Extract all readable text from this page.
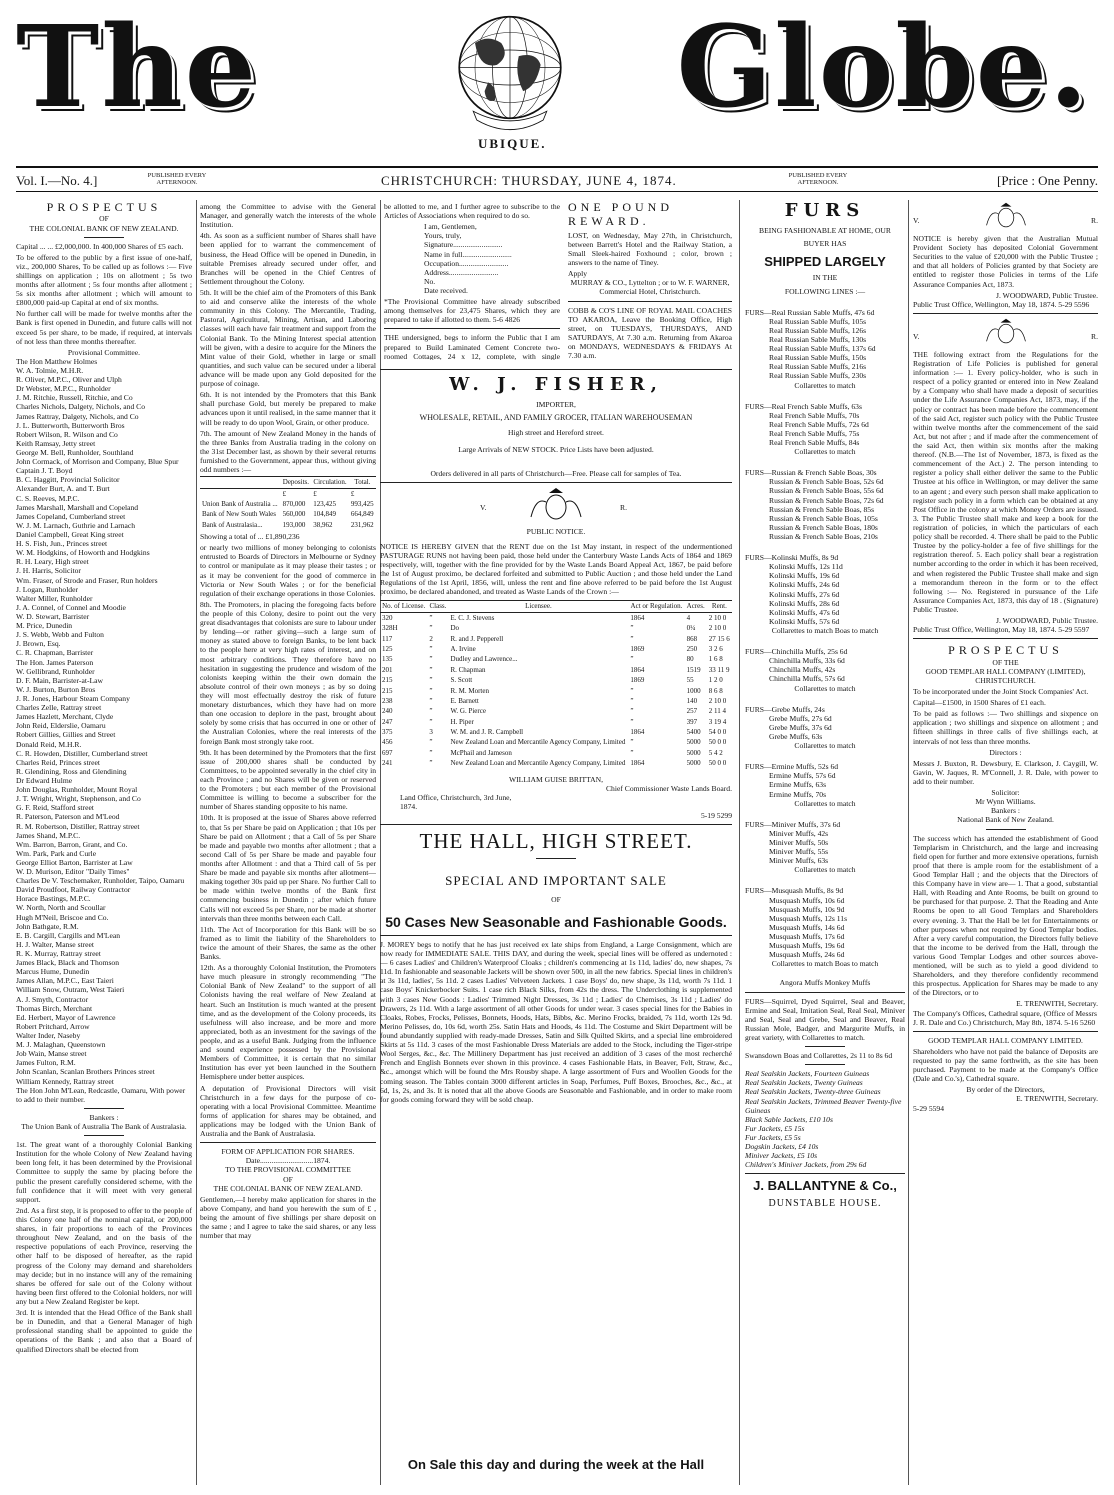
The
UBIQUE.
Globe.
Vol. I.—No. 4.]	PUBLISHED EVERY AFTERNOON.	CHRISTCHURCH: THURSDAY, JUNE 4, 1874.	PUBLISHED EVERY AFTERNOON.	[Price : One Penny.
PROSPECTUS
OF
THE COLONIAL BANK OF NEW ZEALAND.

Capital ... ... £2,000,000. In 400,000 Shares of £5 each.

To be offered to the public by a first issue of one-half, viz., 200,000 Shares, To be called up as follows :— Five shillings on application ; 10s on allotment ; 5s two months after allotment ; 5s four months after allotment ; 5s six months after allotment ; which will amount to £800,000 paid-up Capital at end of six months.

No further call will be made for twelve months after the Bank is first opened in Dunedin, and future calls will not exceed 5s per share, to be made, if required, at intervals of not less than three months thereafter.

Provisional Committee.
The Hon Matthew Holmes
W. A. Tolmie, M.H.R.
R. Oliver, M.P.C., Oliver and Ulph
Dr Webster, M.P.C., Runholder
J. M. Ritchie, Russell, Ritchie, and Co
Charles Nichols, Dalgety, Nichols, and Co
James Rattray, Dalgety, Nichols, and Co
J. L. Butterworth, Butterworth Bros
Robert Wilson, R. Wilson and Co
Keith Ramsay, Jetty street
George M. Bell, Runholder, Southland
John Cormack, of Morrison and Company, Blue Spur
Captain J. T. Boyd
B. C. Haggitt, Provincial Solicitor
Alexander Burt, A. and T. Burt
C. S. Reeves, M.P.C.
James Marshall, Marshall and Copeland
James Copeland, Cumberland street
W. J. M. Larnach, Guthrie and Larnach
Daniel Campbell, Great King street
H. S. Fish, Jun., Princes street
W. M. Hodgkins, of Howorth and Hodgkins
R. H. Leary, High street
J. H. Harris, Solicitor
Wm. Fraser, of Strode and Fraser, Run holders
J. Logan, Runholder
Walter Miller, Runholder
J. A. Connel, of Connel and Moodie
W. D. Stewart, Barrister
M. Price, Dunedin
J. S. Webb, Webb and Fulton
J. Brown, Esq.
C. R. Chapman, Barrister
The Hon. James Paterson
W. Gellibrand, Runholder
D. F. Main, Barrister-at-Law
W. J. Burton, Burton Bros
J. R. Jones, Harbour Steam Company
Charles Zelle, Rattray street
James Hazlett, Merchant, Clyde
John Reid, Elderslie, Oamaru
Robert Gillies, Gillies and Street
Donald Reid, M.H.R.
C. R. Howden, Distiller, Cumberland street
Charles Reid, Princes street
R. Glendining, Ross and Glendining
Dr Edward Hulme
John Douglas, Runholder, Mount Royal
J. T. Wright, Wright, Stephenson, and Co
G. F. Reid, Stafford street
R. Paterson, Paterson and M'Leod
R. M. Robertson, Distiller, Rattray street
James Shand, M.P.C.
Wm. Barron, Barron, Grant, and Co.
Wm. Park, Park and Curle
George Elliot Barton, Barrister at Law
W. D. Murison, Editor "Daily Times"
Charles De V. Teschemaker, Runholder, Taipo, Oamaru
David Proudfoot, Railway Contractor
Horace Bastings, M.P.C.
W. North, North and Scoullar
Hugh M'Neil, Briscoe and Co.
John Bathgate, R.M.
E. B. Cargill, Cargills and M'Lean
H. J. Walter, Manse street
R. K. Murray, Rattray street
James Black, Black and Thomson
Marcus Hume, Dunedin
James Allan, M.P.C., East Taieri
William Snow, Outram, West Taieri
A. J. Smyth, Contractor
Thomas Birch, Merchant
Ed. Herbert, Mayor of Lawrence
Robert Pritchard, Arrow
Walter Inder, Naseby
M. J. Malaghan, Queenstown
Job Wain, Manse street
James Fulton, R.M.
John Scanlan, Scanlan Brothers Princes street
William Kennedy, Rattray street
The Hon John M'Lean, Redcastle, Oamaru, With power to add to their number.
Bankers :
The Union Bank of Australia The Bank of Australasia.

1st. The great want of a thoroughly Colonial Banking Institution for the whole Colony of New Zealand having been long felt, it has been determined by the Provisional Committee to supply the same by placing before the public the present carefully considered scheme, with the full confidence that it will meet with very general support.

2nd. As a first step, it is proposed to offer to the people of this Colony one half of the nominal capital, or 200,000 shares, in fair proportions to each of the Provinces throughout New Zealand, and on the basis of the respective populations of each Province, reserving the other half to be disposed of hereafter, as the rapid progress of the Colony may demand and shareholders may decide; but in no instance will any of the remaining shares be offered for sale out of the Colony without having been first offered to the Colonial holders, nor will any but a New Zealand Register be kept.

3rd. It is intended that the Head Office of the Bank shall be in Dunedin, and that a General Manager of high professional standing shall be appointed to guide the operations of the Bank ; and also that a Board of qualified Directors shall be elected from

among the Committee to advise with the General Manager, and generally watch the interests of the whole Institution.

4th. As soon as a sufficient number of Shares shall have been applied for to warrant the commencement of business, the Head Office will be opened in Dunedin, in suitable Premises already secured under offer, and Branches will be opened in the Chief Centres of Settlement throughout the Colony.

5th. It will be the chief aim of the Promoters of this Bank to aid and conserve alike the interests of the whole community in this Colony. The Mercantile, Trading, Pastoral, Agricultural, Mining, Artisan, and Laboring classes will each have fair treatment and support from the Colonial Bank. To the Mining Interest special attention will be given, with a desire to acquire for the Miners the Mint value of their Gold, whether in large or small quantities, and such value can be secured under a liberal advance will be made upon any Gold deposited for the purpose of coinage.

6th. It is not intended by the Promoters that this Bank shall purchase Gold, but merely be prepared to make advances upon it until realised, in the same manner that it will be ready to do upon Wool, Grain, or other produce.

7th. The amount of New Zealand Money in the hands of the three Banks from Australia trading in the colony on the 31st December last, as shown by their several returns furnished to the Government, appear thus, without giving odd numbers :—

	Deposits.	Circulation.	Total.
	£	£	£
Union Bank of Australia ...	870,000	123,425	993,425
Bank of New South Wales	560,000	104,849	664,849
Bank of Australasia...	193,000	38,962	231,962

Showing a total of ... £1,890,236

or nearly two millions of money belonging to colonists entrusted to Boards of Directors in Melbourne or Sydney to control or manipulate as it may please their tastes ; or as it may be convenient for the good of commerce in Victoria or New South Wales ; or for the beneficial regulation of their exchange operations in those Colonies.

8th. The Promoters, in placing the foregoing facts before the people of this Colony, desire to point out the very great disadvantages that colonists are sure to labour under by lending—or rather giving—such a large sum of money as stated above to foreign Banks, to be lent back to the people here at very high rates of interest, and on most arbitrary conditions. They therefore have no hesitation in suggesting the prudence and wisdom of the colonists keeping within the their own domain the absolute control of their own moneys ; as by so doing they will most effectually destroy the risk of future monetary disturbances, which they have had on more than one occasion to deplore in the past, brought about solely by some crisis that has occurred in one or other of the Australian Colonies, where the real interests of the foreign Bank most strongly take root.

9th. It has been determined by the Promoters that the first issue of 200,000 shares shall be conducted by Committees, to be appointed severally in the chief city in each Province ; and no Shares will be given or reserved to the Promoters ; but each member of the Provisional Committee is willing to become a subscriber for the number of Shares standing opposite to his name.

10th. It is proposed at the issue of Shares above referred to, that 5s per Share be paid on Application ; that 10s per Share be paid on Allotment ; that a Call of 5s per Share be made and payable two months after allotment ; that a second Call of 5s per Share be made and payable four months after Allotment : and that a Third call of 5s per Share be made and payable six months after allotment—making together 30s paid up per Share. No further Call to be made within twelve months of the Bank first commencing business in Dunedin ; after which future Calls will not exceed 5s per Share, nor be made at shorter intervals than three months between each Call.

11th. The Act of Incorporation for this Bank will be so framed as to limit the liability of the Shareholders to twice the amount of their Shares, the same as the other Banks.

12th. As a thoroughly Colonial Institution, the Promoters have much pleasure in strongly recommending "The Colonial Bank of New Zealand" to the support of all Colonists having the real welfare of New Zealand at heart. Such an Institution is much wanted at the present time, and as the development of the Colony proceeds, its usefulness will also increase, and be more and more appreciated, both as an investment for the savings of the people, and as a useful Bank. Judging from the influence and sound experience possessed by the Provisional Members of Committee, it is certain that no similar Institution has ever yet been launched in the Southern Hemisphere under better auspices.

A deputation of Provisional Directors will visit Christchurch in a few days for the purpose of co-operating with a local Provisional Committee. Meantime forms of application for shares may be obtained, and applications may be lodged with the Union Bank of Australia and the Bank of Australasia.

FORM OF APPLICATION FOR SHARES.
Date............................1874.
TO THE PROVISIONAL COMMITTEE
OF
THE COLONIAL BANK OF NEW ZEALAND.

Gentlemen,—I hereby make application for shares in the above Company, and hand you herewith the sum of £ , being the amount of five shillings per share deposit on the same ; and I agree to take the said shares, or any less number that may

be allotted to me, and I further agree to subscribe to the Articles of Associations when required to do so.

I am, Gentlemen,
Yours, truly,
Signature..........................
Name in full..........................
Occupation..........................
Address..........................
No.
Date received.

*The Provisional Committee have already subscribed among themselves for 23,475 Shares, which they are prepared to take if allotted to them. 5-6 4826

THE undersigned, begs to inform the Public that I am prepared to Build Laminated Cement Concrete two-roomed Cottages, 24 x 12, complete, with single

ONE POUND REWARD.

LOST, on Wednesday, May 27th, in Christchurch, between Barrett's Hotel and the Railway Station, a Small Sleek-haired Foxhound ; color, brown ; answers to the name of Tiney.

Apply
MURRAY & CO., Lyttelton ; or to W. F. WARNER, Commercial Hotel, Christchurch.

COBB & CO'S LINE OF ROYAL MAIL COACHES TO AKAROA, Leave the Booking Office, High street, on TUESDAYS, THURSDAYS, AND SATURDAYS, At 7.30 a.m. Returning from Akaroa on MONDAYS, WEDNESDAYS & FRIDAYS At 7.30 a.m.

W. J. FISHER,
IMPORTER,
WHOLESALE, RETAIL, AND FAMILY GROCER, ITALIAN WAREHOUSEMAN
High street and Hereford street.
Large Arrivals of NEW STOCK. Price Lists have been adjusted.
Orders delivered in all parts of Christchurch—Free. Please call for samples of Tea.
V.	R.
PUBLIC NOTICE.

NOTICE IS HEREBY GIVEN that the RENT due on the 1st May instant, in respect of the undermentioned PASTURAGE RUNS not having been paid, those held under the Canterbury Waste Lands Acts of 1864 and 1869 respectively, will, together with the fine provided for by the Waste Lands Board Appeal Act, 1867, be paid before the 1st of August proximo, be declared forfeited and submitted to Public Auction ; and those held under the Land Regulations of the 1st April, 1856, will, unless the rent and fine above referred to be paid before the 1st August proximo, be declared abandoned, and treated as Waste Lands of the Crown :—

No. of License.	Class.	Licensee.	Act or Regulation.	Acres.	Rent.
320	”	E. C. J. Stevens	1864	4	2 10 0
328H	”	Do	”	0¼	2 10 0
117	2	R. and J. Pepperell	”	868	27 15 6
125	”	A. Irvine	1869	250	3 2 6
135	”	Dudley and Lawrence...	”	80	1 6 8
201	”	R. Chapman	1864	1519	33 11 9
215	”	S. Scott	1869	55	1 2 0
215	”	R. M. Morten	”	1000	8 6 8
238	”	E. Barnett	”	140	2 10 0
240	”	W. G. Pierce	”	257	2 11 4
247	”	H. Piper	”	397	3 19 4
375	3	W. M. and J. R. Campbell	1864	5400	54 0 0
456	”	New Zealand Loan and Mercantile Agency Company, Limited	”	5000	50 0 0
697	”	McPhail and Jameson	”	5000	5 4 2
241	”	New Zealand Loan and Mercantile Agency Company, Limited	1864	5000	50 0 0
WILLIAM GUISE BRITTAN,
Chief Commissioner Waste Lands Board.
Land Office, Christchurch, 3rd June, 1874.
5-19 5299
THE HALL, HIGH STREET.
SPECIAL AND IMPORTANT SALE
OF
50 Cases New Seasonable and Fashionable Goods.

J. MOREY begs to notify that he has just received ex late ships from England, a Large Consignment, which are now ready for IMMEDIATE SALE. THIS DAY, and during the week, special lines will be offered as undernoted :— 6 cases Ladies' and Children's Waterproof Cloaks ; children's commencing at 1s 11d, ladies' do, new shapes, 7s 11d. In fashionable and seasonable Jackets will be shown over 500, in all the new fabrics. Special lines in children's at 3s 11d, ladies', 5s 11d. 2 cases Ladies' Velveteen Jackets. 1 case Boys' do, new shape, 3s 11d, worth 7s 11d. 1 case Boys' Knickerbocker Suits. 1 case rich Black Silks, from 42s the dress. The Underclothing is supplemented with 3 cases New Goods : Ladies' Trimmed Night Dresses, 3s 11d ; Ladies' do Chemises, 3s 11d ; Ladies' do Drawers, 2s 11d. With a large assortment of all other Goods for under wear. 3 cases special lines for the Babies in Cloaks, Robes, Frocks, Pelisses, Bonnets, Hoods, Hats, Bibbs, &c. Merino Frocks, braided, 7s 11d, worth 12s 9d. Merino Pelisses, do, 10s 6d, worth 25s. Satin Hats and Hoods, 4s 11d. The Costume and Skirt Department will be found abundantly supplied with ready-made Dresses, Satin and Silk Quilted Skirts, and a special line embroidered Skirts at 5s 11d. 3 cases of the most Fashionable Dress Materials are added to the Stock, including the Tiger-stripe Wool Serges, &c., &c. The Millinery Department has just received an addition of 3 cases of the most recherché French and English Bonnets ever shown in this province. 4 cases Fashionable Hats, in Beaver, Felt, Straw, &c., &c., amongst which will be found the Mrs Rousby shape. A large assortment of Furs and Woollen Goods for the coming season. The Tables contain 3000 different articles in Soap, Perfumes, Puff Boxes, Brooches, &c., &c., at 6d, 1s, 2s, and 3s. It is noted that all the above Goods are Seasonable and Fashionable, and in order to make room for goods coming forward they will be sold cheap.

On Sale this day and during the week at the Hall
FURS
BEING FASHIONABLE AT HOME, OUR
BUYER HAS
SHIPPED LARGELY
IN THE
FOLLOWING LINES :—
FURS—Real Russian Sable Muffs, 47s 6d
Real Russian Sable Muffs, 105s
Real Russian Sable Muffs, 126s
Real Russian Sable Muffs, 130s
Real Russian Sable Muffs, 137s 6d
Real Russian Sable Muffs, 150s
Real Russian Sable Muffs, 216s
Real Russian Sable Muffs, 230s
Collarettes to match
FURS—Real French Sable Muffs, 63s
Real French Sable Muffs, 70s
Real French Sable Muffs, 72s 6d
Real French Sable Muffs, 75s
Real French Sable Muffs, 84s
Collarettes to match
FURS—Russian & French Sable Boas, 30s
Russian & French Sable Boas, 52s 6d
Russian & French Sable Boas, 55s 6d
Russian & French Sable Boas, 72s 6d
Russian & French Sable Boas, 85s
Russian & French Sable Boas, 105s
Russian & French Sable Boas, 180s
Russian & French Sable Boas, 210s
FURS—Kolinski Muffs, 8s 9d
Kolinski Muffs, 12s 11d
Kolinski Muffs, 19s 6d
Kolinski Muffs, 24s 6d
Kolinski Muffs, 27s 6d
Kolinski Muffs, 28s 6d
Kolinski Muffs, 47s 6d
Kolinski Muffs, 57s 6d
Collarettes to match Boas to match
FURS—Chinchilla Muffs, 25s 6d
Chinchilla Muffs, 33s 6d
Chinchilla Muffs, 42s
Chinchilla Muffs, 57s 6d
Collarettes to match
FURS—Grebe Muffs, 24s
Grebe Muffs, 27s 6d
Grebe Muffs, 37s 6d
Grebe Muffs, 63s
Collarettes to match
FURS—Ermine Muffs, 52s 6d
Ermine Muffs, 57s 6d
Ermine Muffs, 63s
Ermine Muffs, 70s
Collarettes to match
FURS—Miniver Muffs, 37s 6d
Miniver Muffs, 42s
Miniver Muffs, 50s
Miniver Muffs, 55s
Miniver Muffs, 63s
Collarettes to match
FURS—Musquash Muffs, 8s 9d
Musquash Muffs, 10s 6d
Musquash Muffs, 10s 9d
Musquash Muffs, 12s 11s
Musquash Muffs, 14s 6d
Musquash Muffs, 17s 6d
Musquash Muffs, 19s 6d
Musquash Muffs, 24s 6d
Collarettes to match Boas to match
Angora Muffs Monkey Muffs

FURS—Squirrel, Dyed Squirrel, Seal and Beaver, Ermine and Seal, Imitation Seal, Real Seal, Miniver and Seal, Seal and Grebe, Seal and Beaver, Real Russian Mole, Badger, and Margurite Muffs, in great variety, with Collarettes to match.

Swansdown Boas and Collarettes, 2s 11 to 8s 6d

Real Sealskin Jackets, Fourteen Guineas
Real Sealskin Jackets, Twenty Guineas
Real Sealskin Jackets, Twenty-three Guineas
Real Sealskin Jackets, Trimmed Beaver Twenty-five Guineas
Black Sable Jackets, £10 10s
Fur Jackets, £5 15s
Fur Jackets, £5 5s
Dogskin Jackets, £4 10s
Miniver Jackets, £5 10s
Children's Miniver Jackets, from 29s 6d
J. BALLANTYNE & Co.,
DUNSTABLE HOUSE.
V.	R.

NOTICE is hereby given that the Australian Mutual Provident Society has deposited Colonial Government Securities to the value of £20,000 with the Public Trustee ; and that all holders of Policies granted by that Society are entitled to register those Policies in terms of the Life Assurance Companies Act, 1873.

J. WOODWARD, Public Trustee.
Public Trust Office, Wellington, May 18, 1874. 5-29 5596
V.	R.

THE following extract from the Regulations for the Registration of Life Policies is published for general information :— 1. Every policy-holder, who is such in respect of a policy granted or entered into in New Zealand by a Company who shall have made a deposit of securities under the Life Assurance Companies Act, 1873, may, if the policy or contract has been made before the commencement of the said Act, register such policy with the Public Trustee within twelve months after the commencement of the said Act, but not after ; and if made after the commencement of the said Act, then within six months after the making thereof. (N.B.—The 1st of November, 1873, is fixed as the commencement of the Act.) 2. The person intending to register a policy shall either deliver the same to the Public Trustee at his office in Wellington, or may deliver the same to an agent ; and every such person shall make application to register such policy in a form which can be obtained at any Post Office in the colony at which Money Orders are issued. 3. The Public Trustee shall make and keep a book for the registration of policies, in which the particulars of each policy shall be recorded. 4. There shall be paid to the Public Trustee by the policy-holder a fee of five shillings for the registration thereof. 5. Each policy shall bear a registration number according to the order in which it has been received, and when registered the Public Trustee shall make and sign a memorandum thereon in the form or to the effect following :— No. Registered in pursuance of the Life Assurance Companies Act, 1873, this day of 18 . (Signature) Public Trustee.

J. WOODWARD, Public Trustee.
Public Trust Office, Wellington, May 18, 1874. 5-29 5597
PROSPECTUS
OF THE
GOOD TEMPLAR HALL COMPANY (LIMITED), CHRISTCHURCH.

To be incorporated under the Joint Stock Companies' Act.

Capital—£1500, in 1500 Shares of £1 each.

To be paid as follows :— Two shillings and sixpence on application ; two shillings and sixpence on allotment ; and fifteen shillings in three calls of five shillings each, at intervals of not less than three months.

Directors :

Messrs J. Buxton, R. Dewsbury, E. Clarkson, J. Caygill, W. Gavin, W. Jaques, R. M'Connell, J. R. Dale, with power to add to their number.

Solicitor:
Mr Wynn Williams.
Bankers :
National Bank of New Zealand.

The success which has attended the establishment of Good Templarism in Christchurch, and the large and increasing field open for further and more extensive operations, furnish proof that there is ample room for the establishment of a Good Templar Hall ; and the objects that the Directors of this Company have in view are— 1. That a good, substantial Hall, with Reading and Ante Rooms, be built on ground to be purchased for that purpose. 2. That the Reading and Ante Rooms be open to all Good Templars and Shareholders every evening. 3. That the Hall be let for Entertainments or other purposes when not required by Good Templar bodies. After a very careful computation, the Directors fully believe that the income to be derived from the Hall, through the various Good Templar Lodges and other sources above-mentioned, will be such as to yield a good dividend to Shareholders, and they therefore confidently recommend this prospectus. Application for Shares may be made to any of the Directors, or to

E. TRENWITH, Secretary.
The Company's Offices, Cathedral square, (Office of Messrs J. R. Dale and Co.) Christchurch, May 8th, 1874. 5-16 5260
GOOD TEMPLAR HALL COMPANY LIMITED.

Shareholders who have not paid the balance of Deposits are requested to pay the same forthwith, as the site has been purchased. Payment to be made at the Company's Office (Dale and Co.'s), Cathedral square.

By order of the Directors,
E. TRENWITH, Secretary.
5-29 5594
